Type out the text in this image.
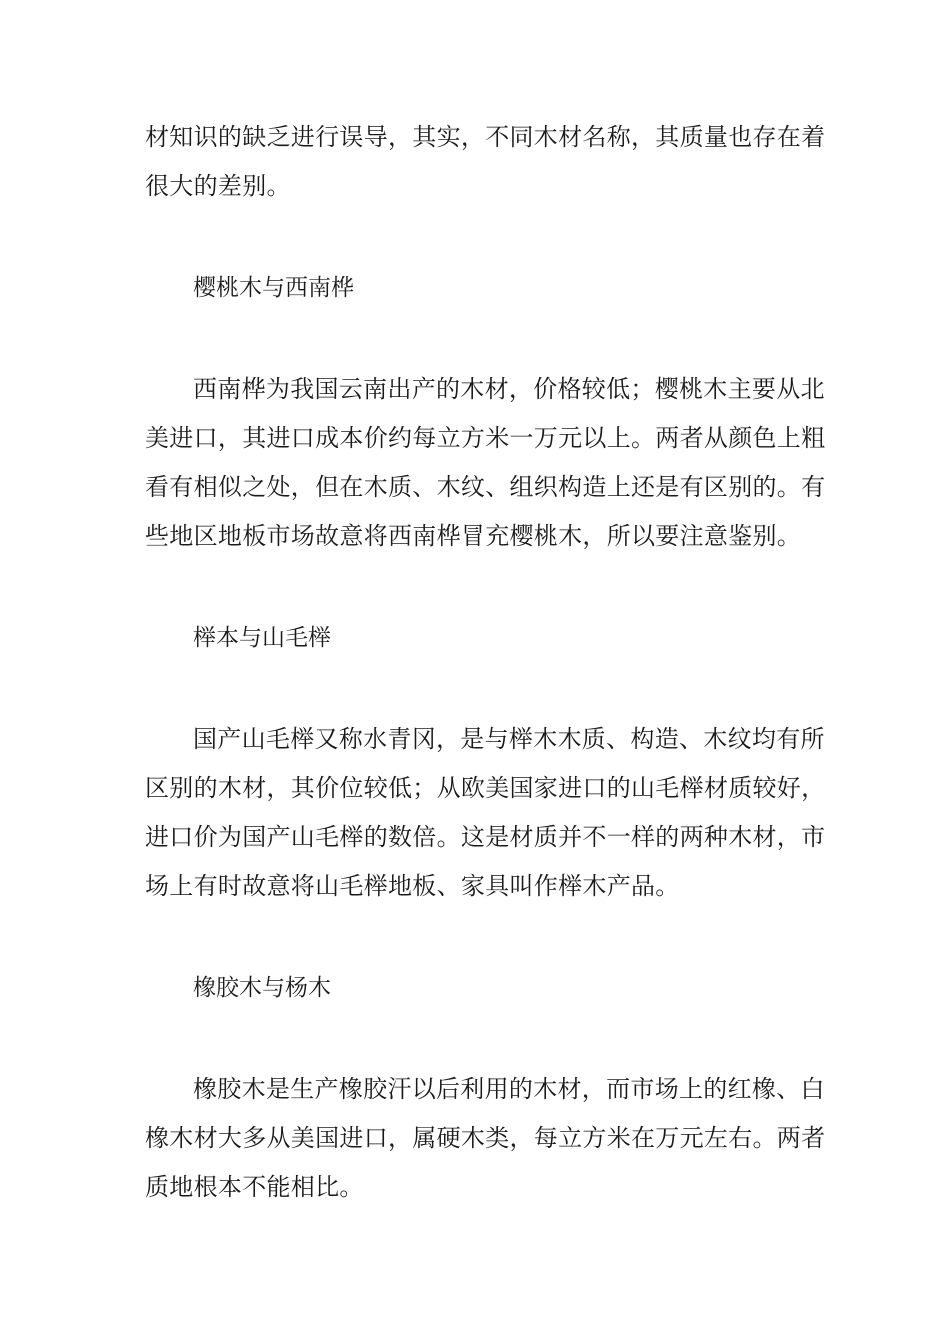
材知识的缺乏进行误导，其实，不同木材名称，其质量也存在着
很大的差别。
樱桃木与西南桦
西南桦为我国云南出产的木材，价格较低；樱桃木主要从北
美进口，其进口成本价约每立方米一万元以上。两者从颜色上粗
看有相似之处，但在木质、木纹、组织构造上还是有区别的。有
些地区地板市场故意将西南桦冒充樱桃木，所以要注意鉴别。
榉本与山毛榉
国产山毛榉又称水青冈，是与榉木木质、构造、木纹均有所
区别的木材，其价位较低；从欧美国家进口的山毛榉材质较好，
进口价为国产山毛榉的数倍。这是材质并不一样的两种木材，市
场上有时故意将山毛榉地板、家具叫作榉木产品。
橡胶木与杨木
橡胶木是生产橡胶汗以后利用的木材，而市场上的红橡、白
橡木材大多从美国进口，属硬木类，每立方米在万元左右。两者
质地根本不能相比。
